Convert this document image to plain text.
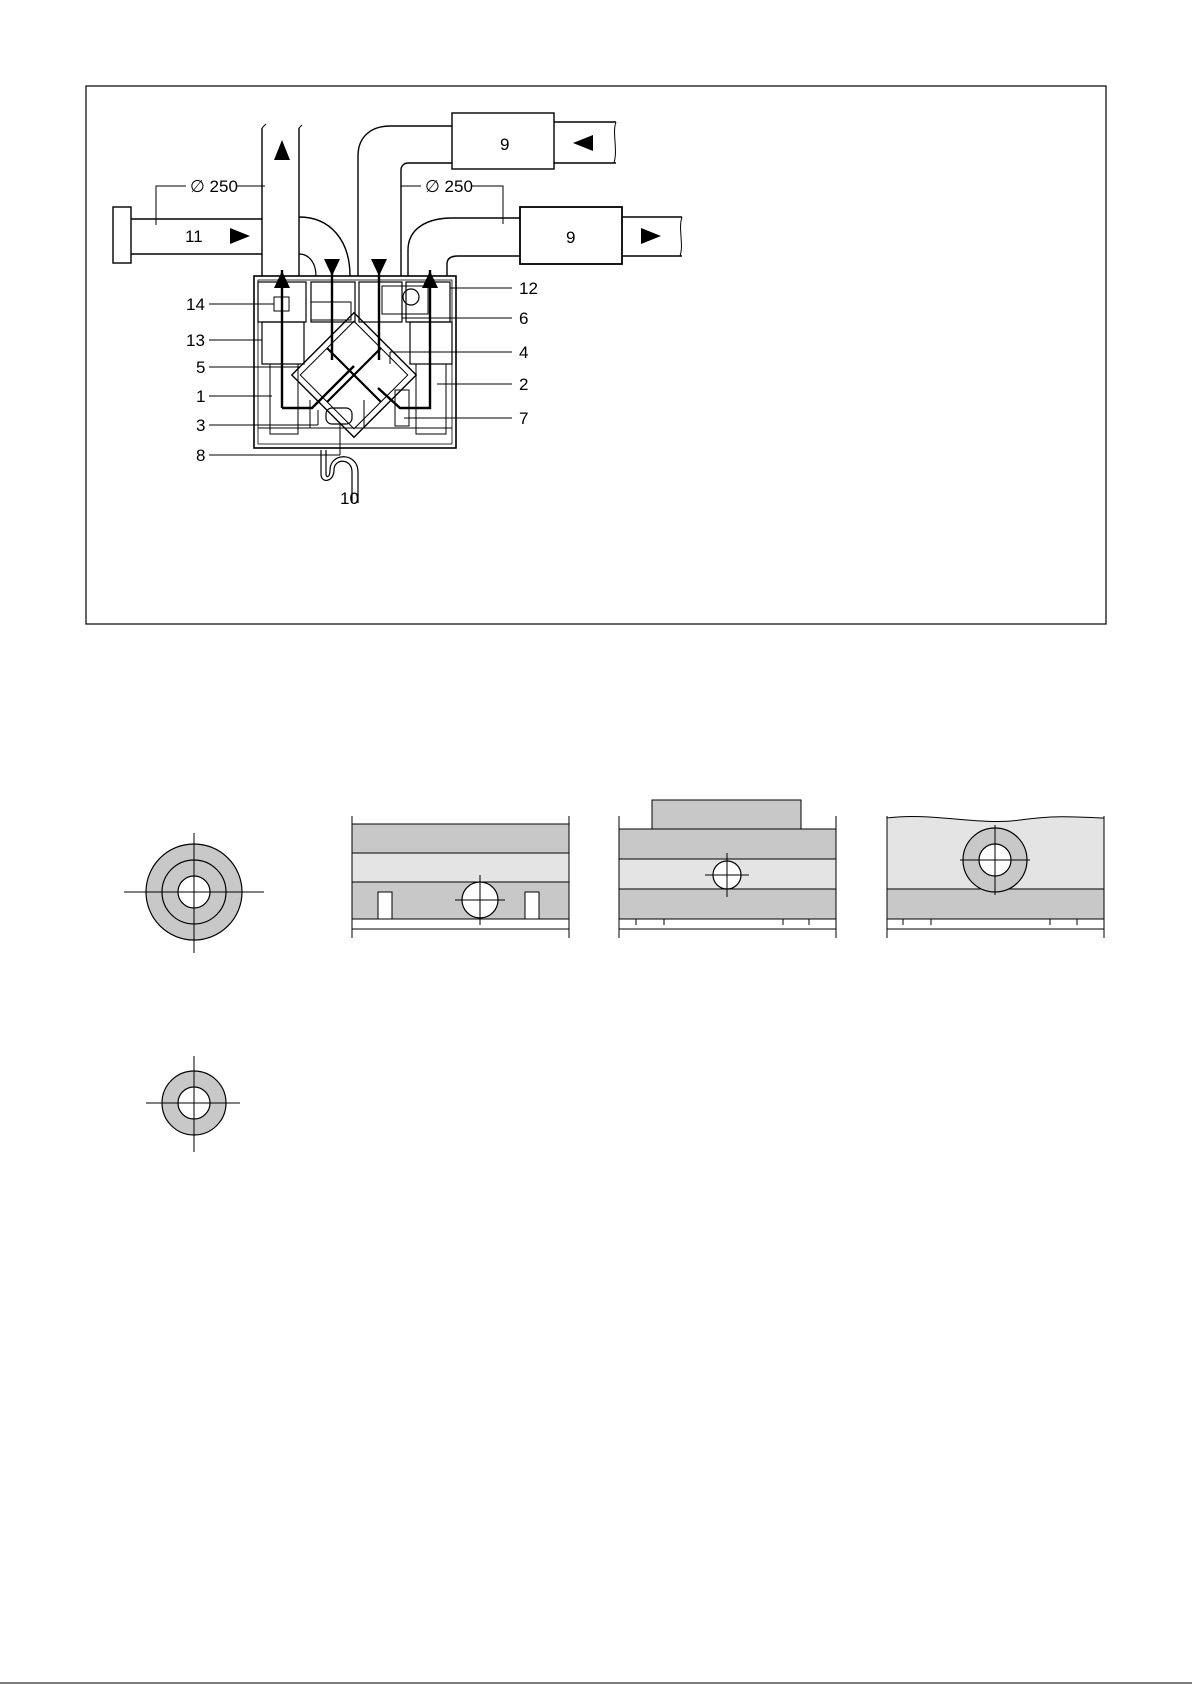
∅ 250	∅ 250
11
9
9
14
13
5
1
3
8
10
12
6
4
2
7
